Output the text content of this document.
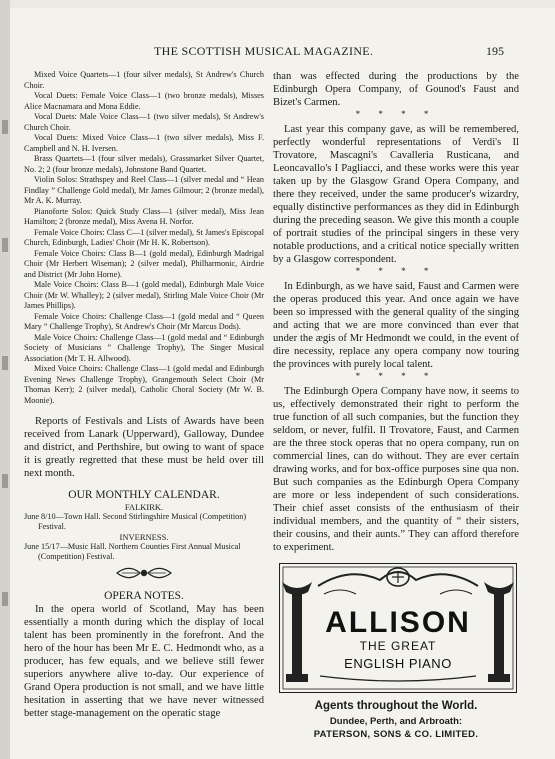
THE SCOTTISH MUSICAL MAGAZINE.	195

Mixed Voice Quartets—1 (four silver medals), St Andrew's Church Choir.

Vocal Duets: Female Voice Class—1 (two bronze medals), Misses Alice Macnamara and Mona Eddie.

Vocal Duets: Male Voice Class—1 (two silver medals), St Andrew's Church Choir.

Vocal Duets: Mixed Voice Class—1 (two silver medals), Miss F. Campbell and N. H. Iversen.

Brass Quartets—1 (four silver medals), Grassmarket Silver Quartet, No. 2; 2 (four bronze medals), Johnstone Band Quartet.

Violin Solos: Strathspey and Reel Class—1 (silver medal and “ Hean Findlay ” Challenge Gold medal), Mr James Gilmour; 2 (bronze medal), Mr A. K. Murray.

Pianoforte Solos: Quick Study Class—1 (silver medal), Miss Jean Hamilton; 2 (bronze medal), Miss Avena H. Norfor.

Female Voice Choirs: Class C—1 (silver medal), St James's Episcopal Church, Edinburgh, Ladies' Choir (Mr H. K. Robertson).

Female Voice Choirs: Class B—1 (gold medal), Edinburgh Madrigal Choir (Mr Herbert Wiseman); 2 (silver medal), Philharmonic, Airdrie and District (Mr John Horne).

Male Voice Choirs: Class B—1 (gold medal), Edinburgh Male Voice Choir (Mr W. Whalley); 2 (silver medal), Stirling Male Voice Choir (Mr James Phillips).

Female Voice Choirs: Challenge Class—1 (gold medal and “ Queen Mary ” Challenge Trophy), St Andrew's Choir (Mr Marcus Dods).

Male Voice Choirs: Challenge Class—1 (gold medal and “ Edinburgh Society of Musicians ” Challenge Trophy), The Singer Musical Association (Mr T. H. Allwood).

Mixed Voice Choirs: Challenge Class—1 (gold medal and Edinburgh Evening News Challenge Trophy), Grangemouth Select Choir (Mr Thomas Kerr); 2 (silver medal), Catholic Choral Society (Mr W. B. Moonie).

Reports of Festivals and Lists of Awards have been received from Lanark (Upperward), Galloway, Dundee and district, and Perthshire, but owing to want of space it is greatly regretted that these must be held over till next month.

OUR MONTHLY CALENDAR.
FALKIRK.

June 8/10—Town Hall. Second Stirlingshire Musical (Competition) Festival.

INVERNESS.

June 15/17—Music Hall. Northern Counties First Annual Musical (Competition) Festival.

OPERA NOTES.

In the opera world of Scotland, May has been essentially a month during which the display of local talent has been prominently in the forefront. And the hero of the hour has been Mr E. C. Hedmondt who, as a producer, has few equals, and we believe still fewer superiors anywhere alive to-day. Our experience of Grand Opera production is not small, and we have little hesitation in asserting that we have never witnessed better stage-management on the operatic stage

than was effected during the productions by the Edinburgh Opera Company, of Gounod's Faust and Bizet's Carmen.

* * * *

Last year this company gave, as will be remembered, perfectly wonderful representations of Verdi's Il Trovatore, Mascagni's Cavalleria Rusticana, and Leoncavallo's I Pagliacci, and these works were this year taken up by the Glasgow Grand Opera Company, and there they received, under the same producer's wizardry, equally distinctive performances as they did in Edinburgh during the preceding season. We give this month a couple of portrait studies of the principal singers in these very notable productions, and a critical notice specially written by a Glasgow correspondent.

* * * *

In Edinburgh, as we have said, Faust and Carmen were the operas produced this year. And once again we have been so impressed with the general quality of the singing and acting that we are more convinced than ever that under the ægis of Mr Hedmondt we could, in the event of dire necessity, replace any opera company now touring the provinces with purely local talent.

* * * *

The Edinburgh Opera Company have now, it seems to us, effectively demonstrated their right to perform the true function of all such companies, but the function they seldom, or never, fulfil. Il Trovatore, Faust, and Carmen are the three stock operas that no opera company, run on commercial lines, can do without. They are ever certain drawing works, and for box-office purposes sine qua non. But such companies as the Edinburgh Opera Company are more or less independent of such considerations. Their chief asset consists of the enthusiasm of their individual members, and the quantity of “ their sisters, their cousins, and their aunts.” They can afford therefore to experiment.

ALLISON
THE GREAT
ENGLISH PIANO
Agents throughout the World.
Dundee, Perth, and Arbroath:
PATERSON, SONS & CO. LIMITED.
